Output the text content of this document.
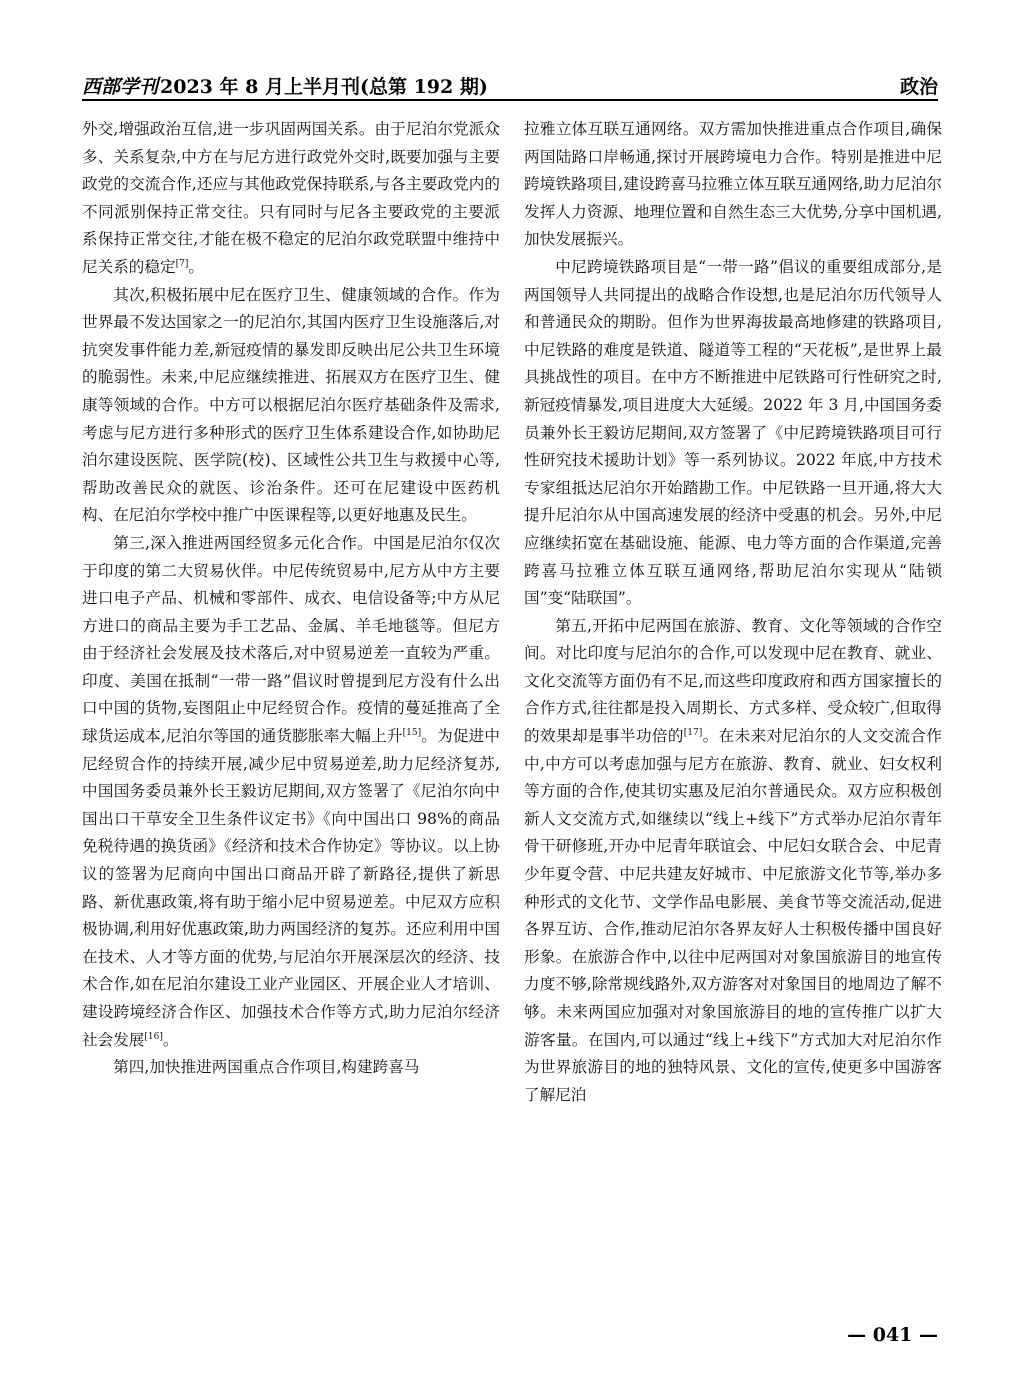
西部学刊 2023 年 8 月上半月刊(总第 192 期)	政治

外交,增强政治互信,进一步巩固两国关系。由于尼泊尔党派众多、关系复杂,中方在与尼方进行政党外交时,既要加强与主要政党的交流合作,还应与其他政党保持联系,与各主要政党内的不同派别保持正常交往。只有同时与尼各主要政党的主要派系保持正常交往,才能在极不稳定的尼泊尔政党联盟中维持中尼关系的稳定[7]。

其次,积极拓展中尼在医疗卫生、健康领域的合作。作为世界最不发达国家之一的尼泊尔,其国内医疗卫生设施落后,对抗突发事件能力差,新冠疫情的暴发即反映出尼公共卫生环境的脆弱性。未来,中尼应继续推进、拓展双方在医疗卫生、健康等领域的合作。中方可以根据尼泊尔医疗基础条件及需求,考虑与尼方进行多种形式的医疗卫生体系建设合作,如协助尼泊尔建设医院、医学院(校)、区域性公共卫生与救援中心等,帮助改善民众的就医、诊治条件。还可在尼建设中医药机构、在尼泊尔学校中推广中医课程等,以更好地惠及民生。

第三,深入推进两国经贸多元化合作。中国是尼泊尔仅次于印度的第二大贸易伙伴。中尼传统贸易中,尼方从中方主要进口电子产品、机械和零部件、成衣、电信设备等;中方从尼方进口的商品主要为手工艺品、金属、羊毛地毯等。但尼方由于经济社会发展及技术落后,对中贸易逆差一直较为严重。印度、美国在抵制“一带一路”倡议时曾提到尼方没有什么出口中国的货物,妄图阻止中尼经贸合作。疫情的蔓延推高了全球货运成本,尼泊尔等国的通货膨胀率大幅上升[15]。为促进中尼经贸合作的持续开展,减少尼中贸易逆差,助力尼经济复苏,中国国务委员兼外长王毅访尼期间,双方签署了《尼泊尔向中国出口干草安全卫生条件议定书》《向中国出口 98%的商品免税待遇的换货函》《经济和技术合作协定》等协议。以上协议的签署为尼商向中国出口商品开辟了新路径,提供了新思路、新优惠政策,将有助于缩小尼中贸易逆差。中尼双方应积极协调,利用好优惠政策,助力两国经济的复苏。还应利用中国在技术、人才等方面的优势,与尼泊尔开展深层次的经济、技术合作,如在尼泊尔建设工业产业园区、开展企业人才培训、建设跨境经济合作区、加强技术合作等方式,助力尼泊尔经济社会发展[16]。

第四,加快推进两国重点合作项目,构建跨喜马

拉雅立体互联互通网络。双方需加快推进重点合作项目,确保两国陆路口岸畅通,探讨开展跨境电力合作。特别是推进中尼跨境铁路项目,建设跨喜马拉雅立体互联互通网络,助力尼泊尔发挥人力资源、地理位置和自然生态三大优势,分享中国机遇,加快发展振兴。

中尼跨境铁路项目是“一带一路”倡议的重要组成部分,是两国领导人共同提出的战略合作设想,也是尼泊尔历代领导人和普通民众的期盼。但作为世界海拔最高地修建的铁路项目,中尼铁路的难度是铁道、隧道等工程的“天花板”,是世界上最具挑战性的项目。在中方不断推进中尼铁路可行性研究之时,新冠疫情暴发,项目进度大大延缓。2022 年 3 月,中国国务委员兼外长王毅访尼期间,双方签署了《中尼跨境铁路项目可行性研究技术援助计划》等一系列协议。2022 年底,中方技术专家组抵达尼泊尔开始踏勘工作。中尼铁路一旦开通,将大大提升尼泊尔从中国高速发展的经济中受惠的机会。另外,中尼应继续拓宽在基础设施、能源、电力等方面的合作渠道,完善跨喜马拉雅立体互联互通网络,帮助尼泊尔实现从“陆锁国”变“陆联国”。

第五,开拓中尼两国在旅游、教育、文化等领域的合作空间。对比印度与尼泊尔的合作,可以发现中尼在教育、就业、文化交流等方面仍有不足,而这些印度政府和西方国家擅长的合作方式,往往都是投入周期长、方式多样、受众较广,但取得的效果却是事半功倍的[17]。在未来对尼泊尔的人文交流合作中,中方可以考虑加强与尼方在旅游、教育、就业、妇女权利等方面的合作,使其切实惠及尼泊尔普通民众。双方应积极创新人文交流方式,如继续以“线上+线下”方式举办尼泊尔青年骨干研修班,开办中尼青年联谊会、中尼妇女联合会、中尼青少年夏令营、中尼共建友好城市、中尼旅游文化节等,举办多种形式的文化节、文学作品电影展、美食节等交流活动,促进各界互访、合作,推动尼泊尔各界友好人士积极传播中国良好形象。在旅游合作中,以往中尼两国对对象国旅游目的地宣传力度不够,除常规线路外,双方游客对对象国目的地周边了解不够。未来两国应加强对对象国旅游目的地的宣传推广以扩大游客量。在国内,可以通过“线上+线下”方式加大对尼泊尔作为世界旅游目的地的独特风景、文化的宣传,使更多中国游客了解尼泊

— 041 —
